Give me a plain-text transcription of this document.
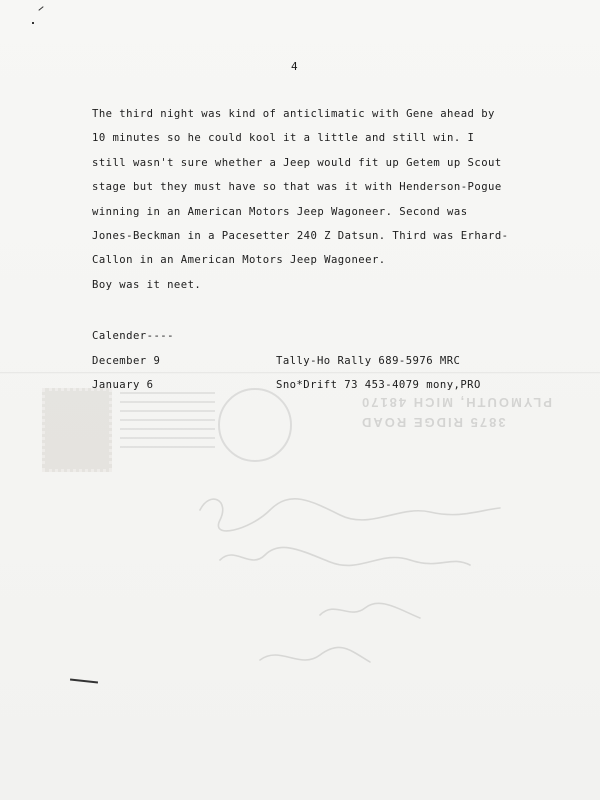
3875 RIDGE ROAD
PLYMOUTH, MICH 48170
4
The third night was kind of anticlimatic with Gene ahead by
10 minutes so he could kool it a little and still win. I
still wasn't sure whether a Jeep would fit up Getem up Scout
stage but they must have so that was it with Henderson-Pogue
winning in an American Motors Jeep Wagoneer. Second was
Jones-Beckman in a Pacesetter 240 Z Datsun. Third was Erhard-
Callon in an American Motors Jeep Wagoneer.
Boy was it neet.
Calender----
December 9	Tally-Ho Rally 689-5976 MRC
January 6	Sno*Drift 73 453-4079 mony,PRO
